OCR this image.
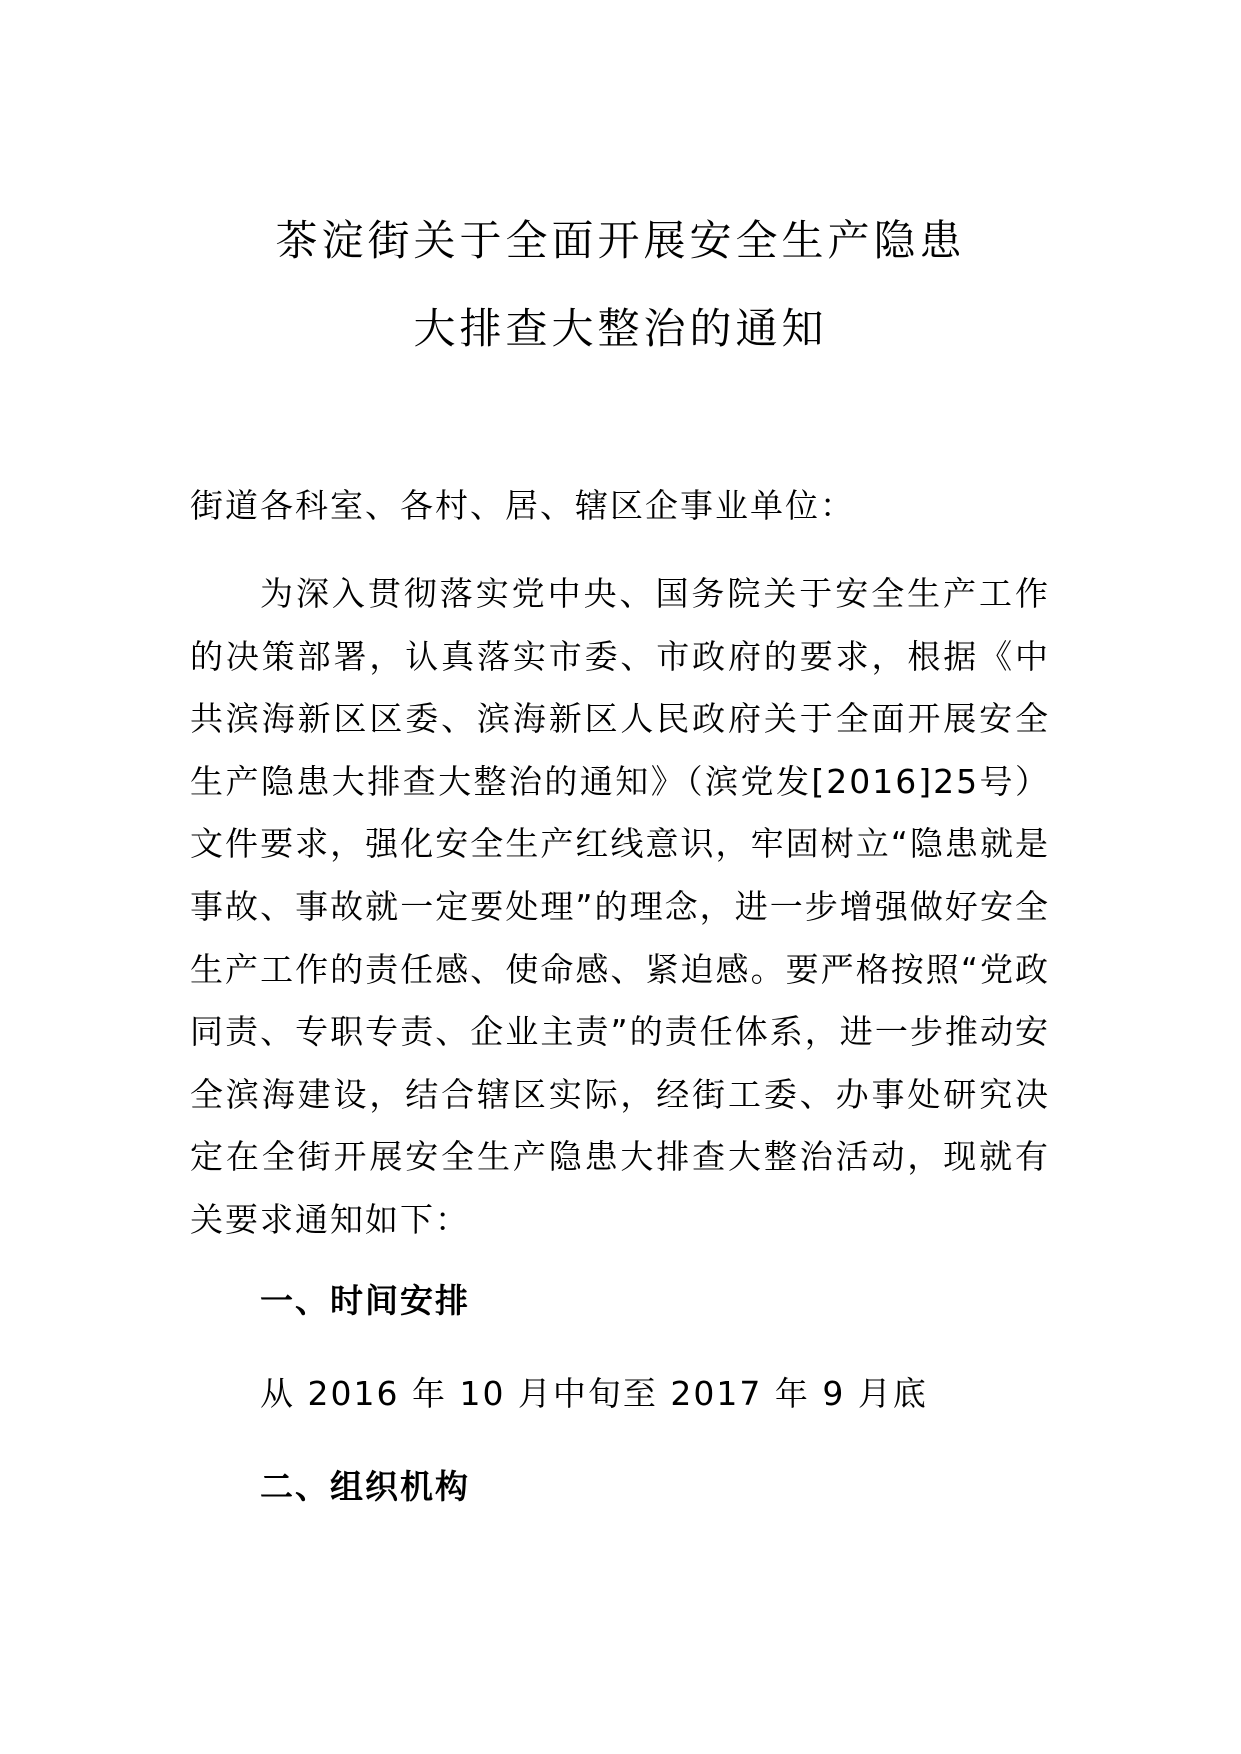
茶淀街关于全面开展安全生产隐患
大排查大整治的通知
街道各科室、各村、居、辖区企事业单位：
为深入贯彻落实党中央、国务院关于安全生产工作的决策部署，认真落实市委、市政府的要求，根据《中共滨海新区区委、滨海新区人民政府关于全面开展安全生产隐患大排查大整治的通知》（滨党发[2016]25号）文件要求，强化安全生产红线意识，牢固树立“隐患就是事故、事故就一定要处理”的理念，进一步增强做好安全生产工作的责任感、使命感、紧迫感。要严格按照“党政同责、专职专责、企业主责”的责任体系，进一步推动安全滨海建设，结合辖区实际，经街工委、办事处研究决定在全街开展安全生产隐患大排查大整治活动，现就有关要求通知如下：
一、时间安排
从 2016 年 10 月中旬至 2017 年 9 月底
二、组织机构
